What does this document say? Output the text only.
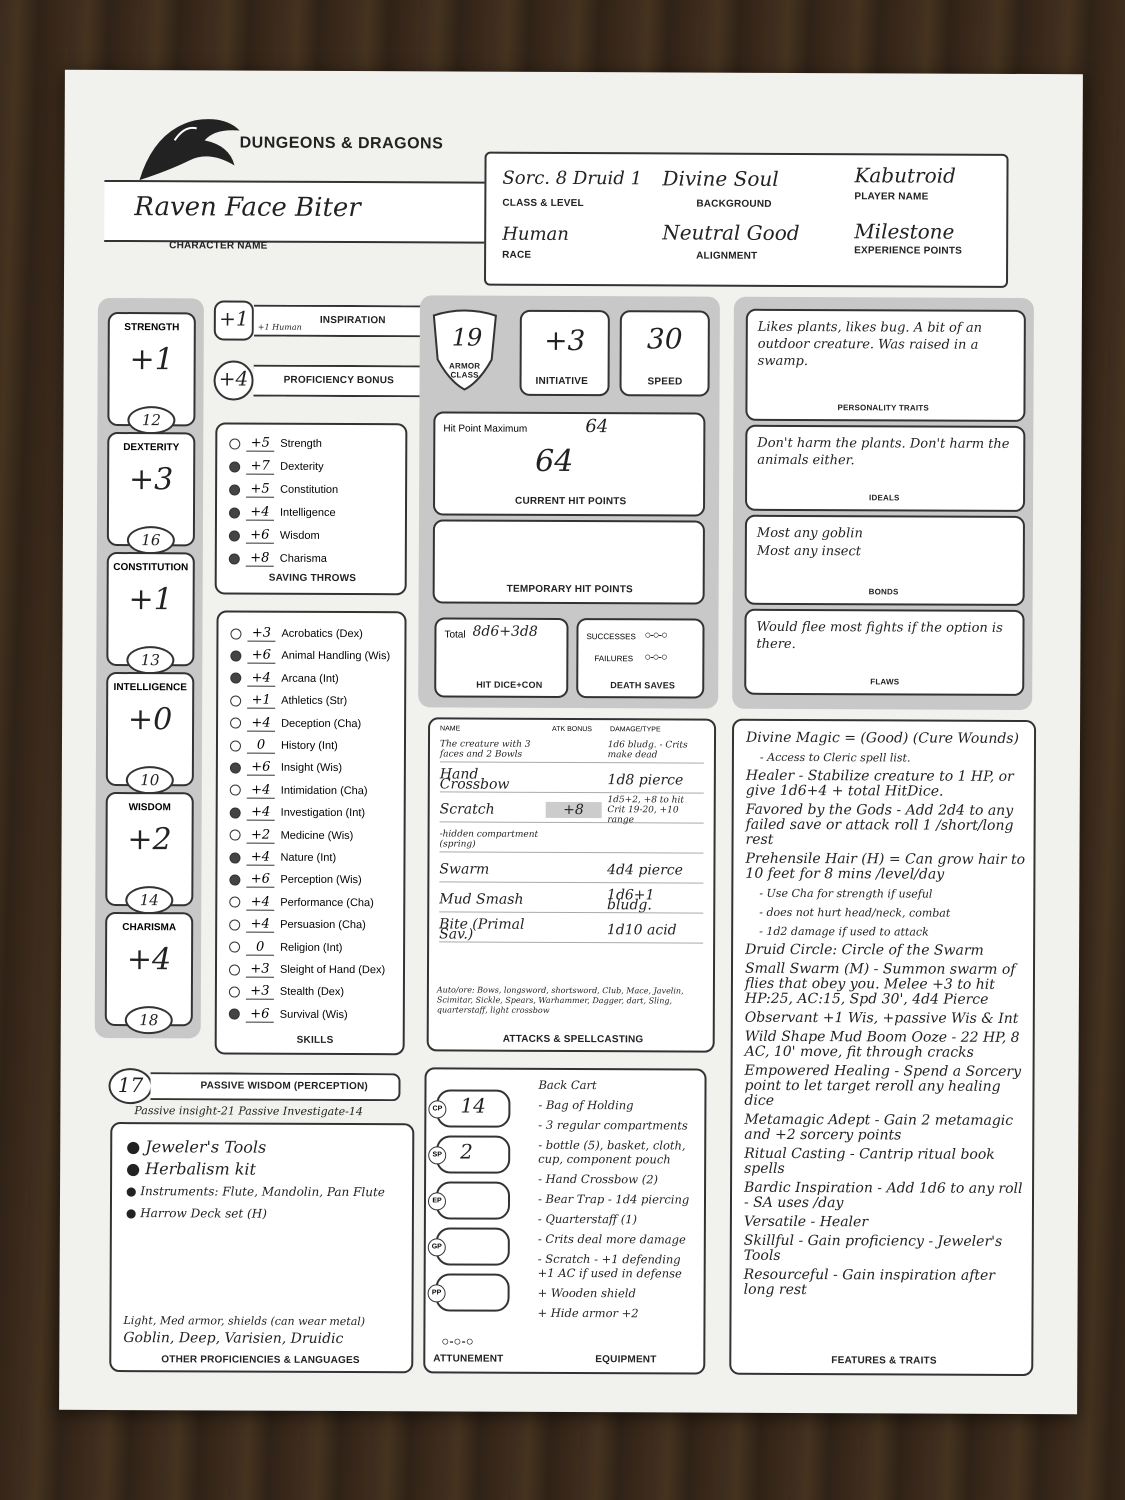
DUNGEONS & DRAGONS
Raven Face Biter
CHARACTER NAME
Sorc. 8 Druid 1
CLASS & LEVEL
Divine Soul
BACKGROUND
Kabutroid
PLAYER NAME
Human
RACE
Neutral Good
ALIGNMENT
Milestone
EXPERIENCE POINTS
STRENGTH
+1
12
DEXTERITY
+3
16
CONSTITUTION
+1
13
INTELLIGENCE
+0
10
WISDOM
+2
14
CHARISMA
+4
18
+1	INSPIRATION
+1 Human
+4	PROFICIENCY BONUS
+5 Strength
+7 Dexterity
+5 Constitution
+4 Intelligence
+6 Wisdom
+8 Charisma
SAVING THROWS
+3 Acrobatics (Dex)
+6 Animal Handling (Wis)
+4 Arcana (Int)
+1 Athletics (Str)
+4 Deception (Cha)
0	History (Int)
+6 Insight (Wis)
+4 Intimidation (Cha)
+4 Investigation (Int)
+2 Medicine (Wis)
+4 Nature (Int)
+6 Perception (Wis)
+4 Performance (Cha)
+4 Persuasion (Cha)
0	Religion (Int)
+3 Sleight of Hand (Dex)
+3 Stealth (Dex)
+6 Survival (Wis)
SKILLS
17	PASSIVE WISDOM (PERCEPTION)
Passive insight-21 Passive Investigate-14
● Jeweler's Tools
● Herbalism kit
● Instruments: Flute, Mandolin, Pan Flute
● Harrow Deck set (H)
Light, Med armor, shields (can wear metal)
Goblin, Deep, Varisien, Druidic
OTHER PROFICIENCIES & LANGUAGES
19
ARMOR CLASS
+3
INITIATIVE
30
SPEED
Hit Point Maximum	64
64
CURRENT HIT POINTS
TEMPORARY HIT POINTS
Total 8d6+3d8
HIT DICE+CON
SUCCESSES ○-○-○
FAILURES ○-○-○
DEATH SAVES
Likes plants, likes bug. A bit of an outdoor creature. Was raised in a swamp.
PERSONALITY TRAITS
Don't harm the plants. Don't harm the animals either.
IDEALS
Most any goblin
Most any insect
BONDS
Would flee most fights if the option is there.
FLAWS
NAME	ATK BONUS	DAMAGE/TYPE
The creature with 3 faces and 2 Bowls
1d6 bludg. - Crits make dead
Hand Crossbow	1d8 pierce
Scratch	+8
1d5+2, +8 to hit Crit 19-20, +10 range
-hidden compartment (spring)
Swarm	4d4 pierce
Mud Smash	1d6+1 bludg.
Bite (Primal Sav.)	1d10 acid
Auto/ore: Bows, longsword, shortsword, Club, Mace, Javelin, Scimitar, Sickle, Spears, Warhammer, Dagger, dart, Sling, quarterstaff, light crossbow
ATTACKS & SPELLCASTING
CP 14
SP 2
EP
GP
PP
Back Cart
- Bag of Holding
- 3 regular compartments
- bottle (5), basket, cloth, cup, component pouch
- Hand Crossbow (2)
- Bear Trap - 1d4 piercing
- Quarterstaff (1)
- Crits deal more damage
- Scratch - +1 defending +1 AC if used in defense
+ Wooden shield
+ Hide armor +2
○-○-○
ATTUNEMENT	EQUIPMENT
Divine Magic = (Good) (Cure Wounds)
- Access to Cleric spell list.
Healer - Stabilize creature to 1 HP, or give 1d6+4 + total HitDice.
Favored by the Gods - Add 2d4 to any failed save or attack roll 1 /short/long rest
Prehensile Hair (H) = Can grow hair to 10 feet for 8 mins /level/day
- Use Cha for strength if useful
- does not hurt head/neck, combat
- 1d2 damage if used to attack
Druid Circle: Circle of the Swarm
Small Swarm (M) - Summon swarm of flies that obey you. Melee +3 to hit HP:25, AC:15, Spd 30', 4d4 Pierce
Observant +1 Wis, +passive Wis & Int
Wild Shape Mud Boom Ooze - 22 HP, 8 AC, 10' move, fit through cracks
Empowered Healing - Spend a Sorcery point to let target reroll any healing dice
Metamagic Adept - Gain 2 metamagic and +2 sorcery points
Ritual Casting - Cantrip ritual book spells
Bardic Inspiration - Add 1d6 to any roll - SA uses /day
Versatile - Healer
Skillful - Gain proficiency - Jeweler's Tools
Resourceful - Gain inspiration after long rest
FEATURES & TRAITS
